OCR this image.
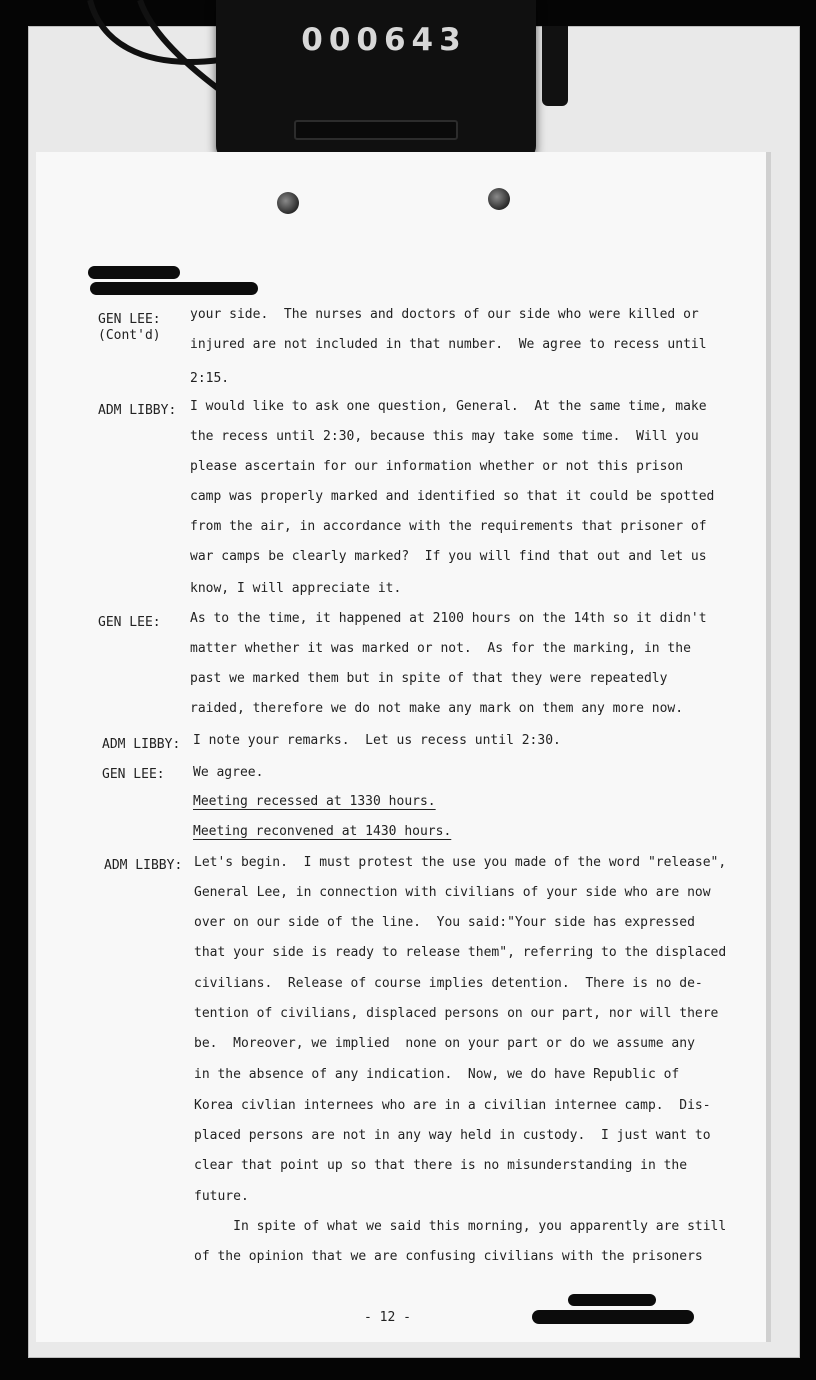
000643
GEN LEE:
(Cont'd)
ADM LIBBY:
GEN LEE:
ADM LIBBY:
GEN LEE:
ADM LIBBY:
your side.  The nurses and doctors of our side who were killed or
injured are not included in that number.  We agree to recess until
2:15.
I would like to ask one question, General.  At the same time, make
the recess until 2:30, because this may take some time.  Will you
please ascertain for our information whether or not this prison
camp was properly marked and identified so that it could be spotted
from the air, in accordance with the requirements that prisoner of
war camps be clearly marked?  If you will find that out and let us
know, I will appreciate it.
As to the time, it happened at 2100 hours on the 14th so it didn't
matter whether it was marked or not.  As for the marking, in the
past we marked them but in spite of that they were repeatedly
raided, therefore we do not make any mark on them any more now.
I note your remarks.  Let us recess until 2:30.
We agree.
Meeting recessed at 1330 hours.
Meeting reconvened at 1430 hours.
Let's begin.  I must protest the use you made of the word "release",
General Lee, in connection with civilians of your side who are now
over on our side of the line.  You said:"Your side has expressed
that your side is ready to release them", referring to the displaced
civilians.  Release of course implies detention.  There is no de-
tention of civilians, displaced persons on our part, nor will there
be.  Moreover, we implied  none on your part or do we assume any
in the absence of any indication.  Now, we do have Republic of
Korea civlian internees who are in a civilian internee camp.  Dis-
placed persons are not in any way held in custody.  I just want to
clear that point up so that there is no misunderstanding in the
future.
In spite of what we said this morning, you apparently are still
of the opinion that we are confusing civilians with the prisoners
- 12 -
